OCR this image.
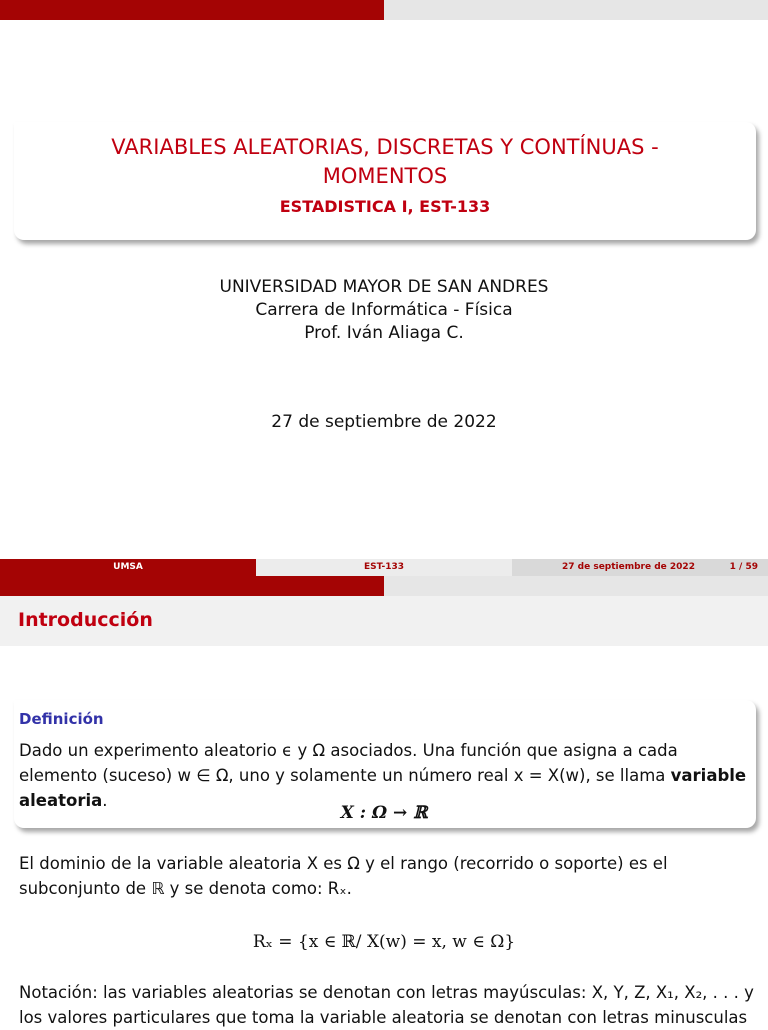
VARIABLES ALEATORIAS, DISCRETAS Y CONTÍNUAS -
MOMENTOS
ESTADISTICA I, EST-133
UNIVERSIDAD MAYOR DE SAN ANDRES
Carrera de Informática - Física
Prof. Iván Aliaga C.
27 de septiembre de 2022
UMSA	EST-133	27 de septiembre de 2022	1 / 59
Introducción
Definición
Dado un experimento aleatorio ϵ y Ω asociados. Una función que asigna a cada elemento (suceso) w ∈ Ω, uno y solamente un número real x = X(w), se llama variable aleatoria.
X : Ω → ℝ
El dominio de la variable aleatoria X es Ω y el rango (recorrido o soporte) es el subconjunto de ℝ y se denota como: Rₓ.
Rₓ = {x ∈ ℝ/ X(w) = x, w ∈ Ω}
Notación: las variables aleatorias se denotan con letras mayúsculas: X, Y, Z, X₁, X₂, . . . y los valores particulares que toma la variable aleatoria se denotan con letras minusculas
